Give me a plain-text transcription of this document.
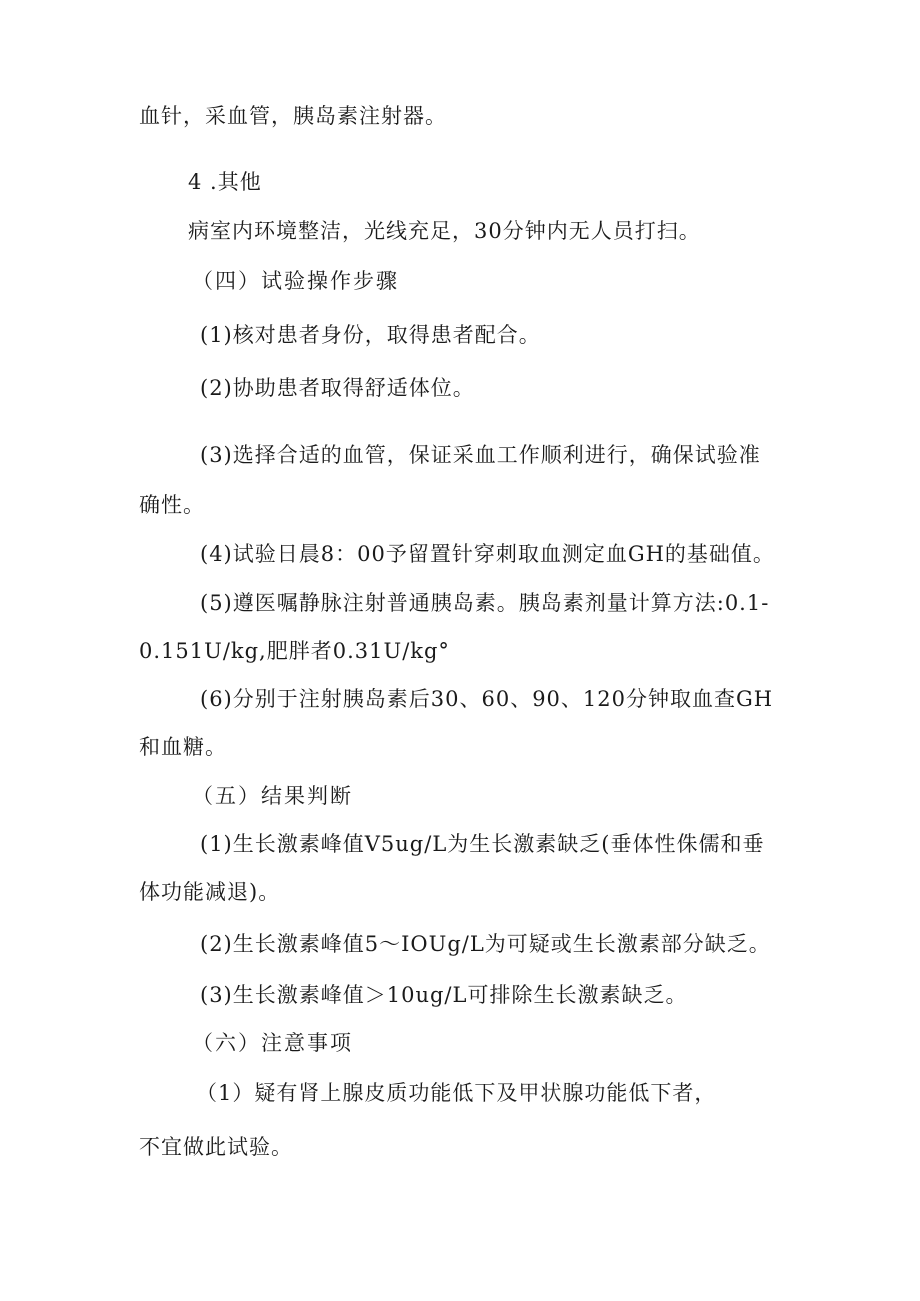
血针，采血管，胰岛素注射器。
4 .其他
病室内环境整洁，光线充足，30分钟内无人员打扫。
（四）试验操作步骤
(1)核对患者身份，取得患者配合。
(2)协助患者取得舒适体位。
(3)选择合适的血管，保证采血工作顺利进行，确保试验准
确性。
(4)试验日晨8：00予留置针穿刺取血测定血GH的基础值。
(5)遵医嘱静脉注射普通胰岛素。胰岛素剂量计算方法:0.1-
0.151U/kg,肥胖者0.31U/kg°
(6)分别于注射胰岛素后30、60、90、120分钟取血查GH
和血糖。
（五）结果判断
(1)生长激素峰值V5ug/L为生长激素缺乏(垂体性侏儒和垂
体功能减退)。
(2)生长激素峰值5～IOUg/L为可疑或生长激素部分缺乏。
(3)生长激素峰值＞10ug/L可排除生长激素缺乏。
（六）注意事项
（1）疑有肾上腺皮质功能低下及甲状腺功能低下者，
不宜做此试验。
